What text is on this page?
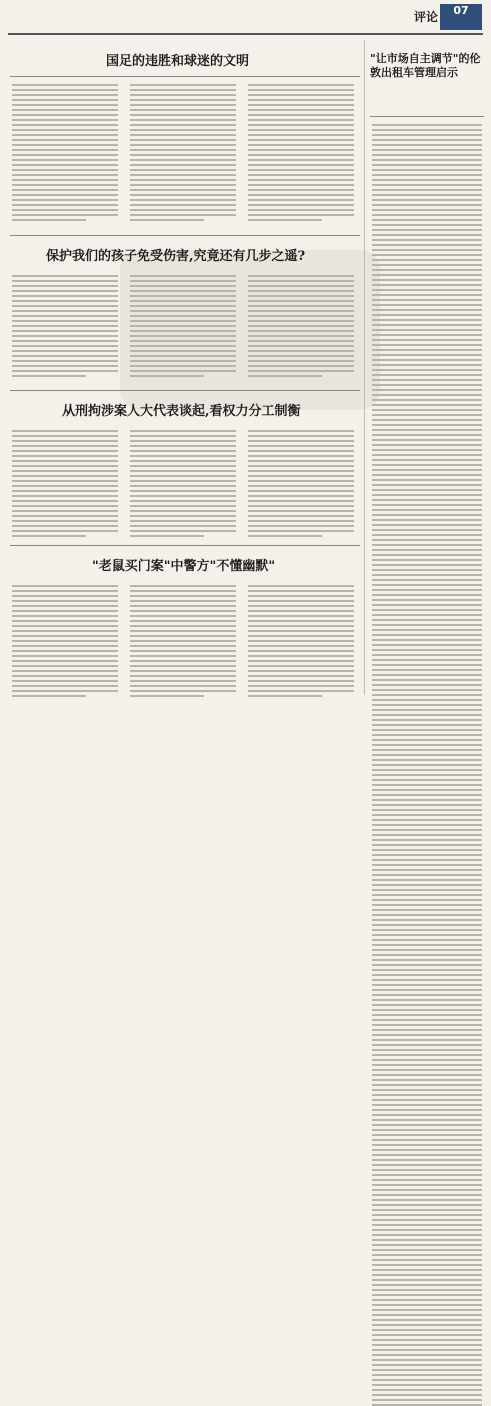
评论	07
国足的违胜和球迷的文明
保护我们的孩子免受伤害,究竟还有几步之遥?
从刑拘涉案人大代表谈起,看权力分工制衡
"老鼠买门案"中警方"不懂幽默"
"让市场自主调节"的伦敦出租车管理启示
